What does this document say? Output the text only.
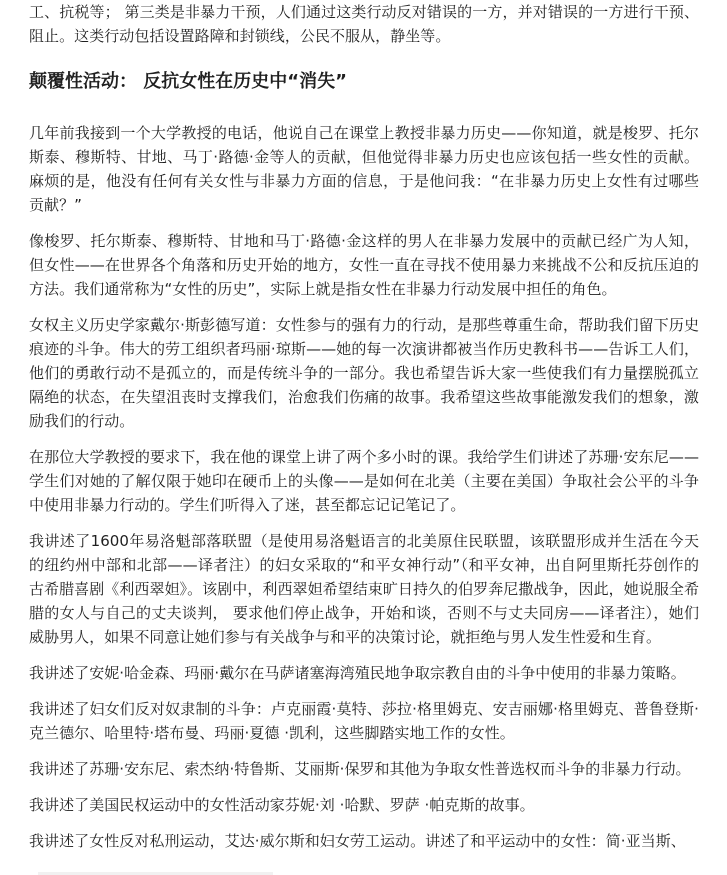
工、抗税等； 第三类是非暴力干预，人们通过这类行动反对错误的一方，并对错误的一方进行干预、阻止。这类行动包括设置路障和封锁线，公民不服从，静坐等。

颠覆性活动： 反抗女性在历史中“消失”

几年前我接到一个大学教授的电话，他说自己在课堂上教授非暴力历史——你知道，就是梭罗、托尔斯泰、穆斯特、甘地、马丁·路德·金等人的贡献，但他觉得非暴力历史也应该包括一些女性的贡献。麻烦的是，他没有任何有关女性与非暴力方面的信息，于是他问我：“在非暴力历史上女性有过哪些贡献？”

像梭罗、托尔斯泰、穆斯特、甘地和马丁·路德·金这样的男人在非暴力发展中的贡献已经广为人知，但女性——在世界各个角落和历史开始的地方，女性一直在寻找不使用暴力来挑战不公和反抗压迫的方法。我们通常称为“女性的历史”，实际上就是指女性在非暴力行动发展中担任的角色。

女权主义历史学家戴尔·斯彭德写道：女性参与的强有力的行动，是那些尊重生命，帮助我们留下历史痕迹的斗争。伟大的劳工组织者玛丽·琼斯——她的每一次演讲都被当作历史教科书——告诉工人们，他们的勇敢行动不是孤立的，而是传统斗争的一部分。我也希望告诉大家一些使我们有力量摆脱孤立隔绝的状态，在失望沮丧时支撑我们，治愈我们伤痛的故事。我希望这些故事能激发我们的想象，激励我们的行动。

在那位大学教授的要求下，我在他的课堂上讲了两个多小时的课。我给学生们讲述了苏珊·安东尼——学生们对她的了解仅限于她印在硬币上的头像——是如何在北美（主要在美国）争取社会公平的斗争中使用非暴力行动的。学生们听得入了迷，甚至都忘记记笔记了。

我讲述了1600年易洛魁部落联盟（是使用易洛魁语言的北美原住民联盟，该联盟形成并生活在今天的纽约州中部和北部——译者注）的妇女采取的“和平女神行动”（和平女神，出自阿里斯托芬创作的古希腊喜剧《利西翠妲》。该剧中，利西翠妲希望结束旷日持久的伯罗奔尼撒战争，因此，她说服全希腊的女人与自己的丈夫谈判， 要求他们停止战争，开始和谈，否则不与丈夫同房——译者注），她们威胁男人，如果不同意让她们参与有关战争与和平的决策讨论，就拒绝与男人发生性爱和生育。

我讲述了安妮·哈金森、玛丽·戴尔在马萨诸塞海湾殖民地争取宗教自由的斗争中使用的非暴力策略。

我讲述了妇女们反对奴隶制的斗争：卢克丽霞·莫特、莎拉·格里姆克、安吉丽娜·格里姆克、普鲁登斯·克兰德尔、哈里特·塔布曼、玛丽·夏德 ·凯利，这些脚踏实地工作的女性。

我讲述了苏珊·安东尼、索杰纳·特鲁斯、艾丽斯·保罗和其他为争取女性普选权而斗争的非暴力行动。

我讲述了美国民权运动中的女性活动家芬妮·刘 ·哈默、罗萨 ·帕克斯的故事。

我讲述了女性反对私刑运动，艾达·威尔斯和妇女劳工运动。讲述了和平运动中的女性：简·亚当斯、
